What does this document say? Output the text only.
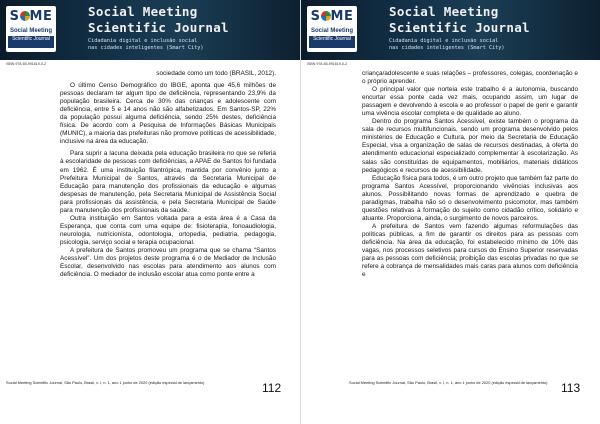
S ME
Social Meeting
Scientific Journal
Social Meeting
Scientific Journal
Cidadania digital e inclusão social
nas cidades inteligentes (Smart City)
ISBN 978-65-991619-0-2

sociedade como um todo (BRASIL, 2012).

O último Censo Demográfico do IBGE, aponta que 45,6 milhões de pessoas declaram ter algum tipo de deficiência, representando 23,9% da população brasileira. Cerca de 30% das crianças e adolescente com deficiência, entre 5 e 14 anos não são alfabetizados. Em Santos-SP, 22% da população possui alguma deficiência, sendo 25% destes, deficiência física. De acordo com a Pesquisa de Informações Básicas Municipais (MUNIC), a maioria das prefeituras não promove políticas de acessibilidade, inclusive na área da educação.

Para suprir a lacuna deixada pela educação brasileira no que se referia à escolaridade de pessoas com deficiências, a APAE de Santos foi fundada em 1962. É uma instituição filantrópica, mantida por convênio junto a Prefeitura Municipal de Santos, através da Secretaria Municipal de Educação para manutenção dos profissionais da educação e algumas despesas de manutenção, pela Secretaria Municipal de Assistência Social para profissionais da assistência, e pela Secretaria Municipal de Saúde para manutenção dos profissionais da saúde.

Outra instituição em Santos voltada para a esta área é a Casa da Esperança, que conta com uma equipe de: fisioterapia, fonoaudiologia, neurologia, nutricionista, odontologia, ortopedia, pediatria, pedagogia, psicologia, serviço social e terapia ocupacional.

A prefeitura de Santos promoveu um programa que se chama “Santos Acessível”. Um dos projetos deste programa é o de Mediador de Inclusão Escolar, desenvolvido nas escolas para atendimento aos alunos com deficiência. O mediador de inclusão escolar atua como ponte entre a

Social Meeting Scientific Journal, São Paulo, Brasil, v. I, n. 1, ano 1 junho de 2020 (edição especial de lançamento)	112
S ME
Social Meeting
Scientific Journal
Social Meeting
Scientific Journal
Cidadania digital e inclusão social
nas cidades inteligentes (Smart City)
ISBN 978-65-991619-0-2

criança/adolescente e suas relações – professores, colegas, coordenação e o próprio aprender.

O principal valor que norteia este trabalho é a autonomia, buscando encurtar essa ponte cada vez mais, ocupando assim, um lugar de passagem e devolvendo à escola e ao professor o papel de gerir e garantir uma vivência escolar completa e de qualidade ao aluno.

Dentro do programa Santos Acessível, existe também o programa da sala de recursos multifuncionais, sendo um programa desenvolvido pelos ministérios de Educação e Cultura, por meio da Secretaria de Educação Especial, visa a organização de salas de recursos destinadas, à oferta do atendimento educacional especializado complementar à escolarização. As salas são constituídas de equipamentos, mobiliários, materiais didáticos pedagógicos e recursos de acessibilidade.

Educação física para todos, é um outro projeto que também faz parte do programa Santos Acessível, proporcionando vivências inclusivas aos alunos. Possibilitando novas formas de aprendizado e quebra de paradigmas, trabalha não só o desenvolvimento psicomotor, mas também questões relativas à formação do sujeito como cidadão crítico, solidário e atuante. Proporciona, ainda, o surgimento de novos parceiros.

A prefeitura de Santos vem fazendo algumas reformulações das políticas públicas, a fim de garantir os direitos para as pessoas com deficiência. Na área da educação, foi estabelecido mínimo de 10% das vagas, nos processos seletivos para cursos do Ensino Superior reservadas para as pessoas com deficiência; proibição das escolas privadas no que se refere a cobrança de mensalidades mais caras para alunos com deficiência e

Social Meeting Scientific Journal, São Paulo, Brasil, v. I, n. 1, ano 1 junho de 2020 (edição especial de lançamento) 113
